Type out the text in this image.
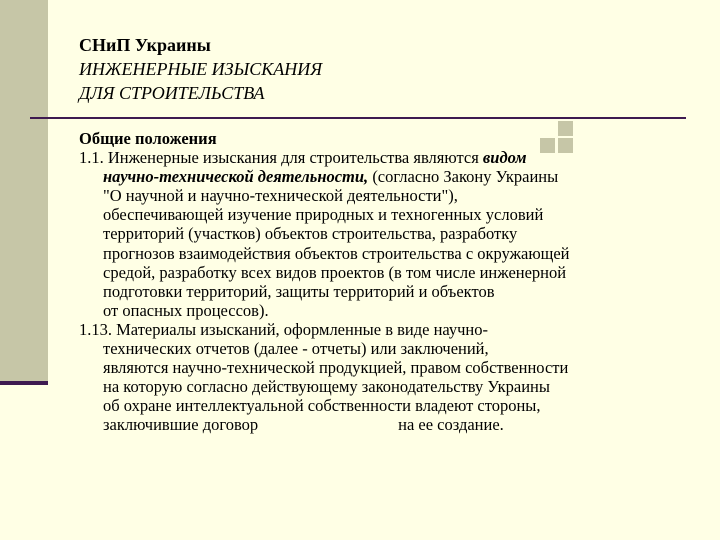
СНиП Украины
ИНЖЕНЕРНЫЕ ИЗЫСКАНИЯ
ДЛЯ СТРОИТЕЛЬСТВА
Общие положения
1.1. Инженерные изыскания для строительства являются видом
научно-технической деятельности, (согласно Закону Украины
"О научной и научно-технической деятельности"),
обеспечивающей изучение природных и техногенных условий
территорий (участков) объектов строительства, разработку
прогнозов взаимодействия объектов строительства с окружающей
средой, разработку всех видов проектов (в том числе инженерной
подготовки территорий, защиты территорий и объектов
от опасных процессов).
1.13. Материалы изысканий, оформленные в виде научно-
технических отчетов (далее - отчеты) или заключений,
являются научно-технической продукцией, правом собственности
на которую согласно действующему законодательству Украины
об охране интеллектуальной собственности владеют стороны,
заключившие договор	на ее создание.
